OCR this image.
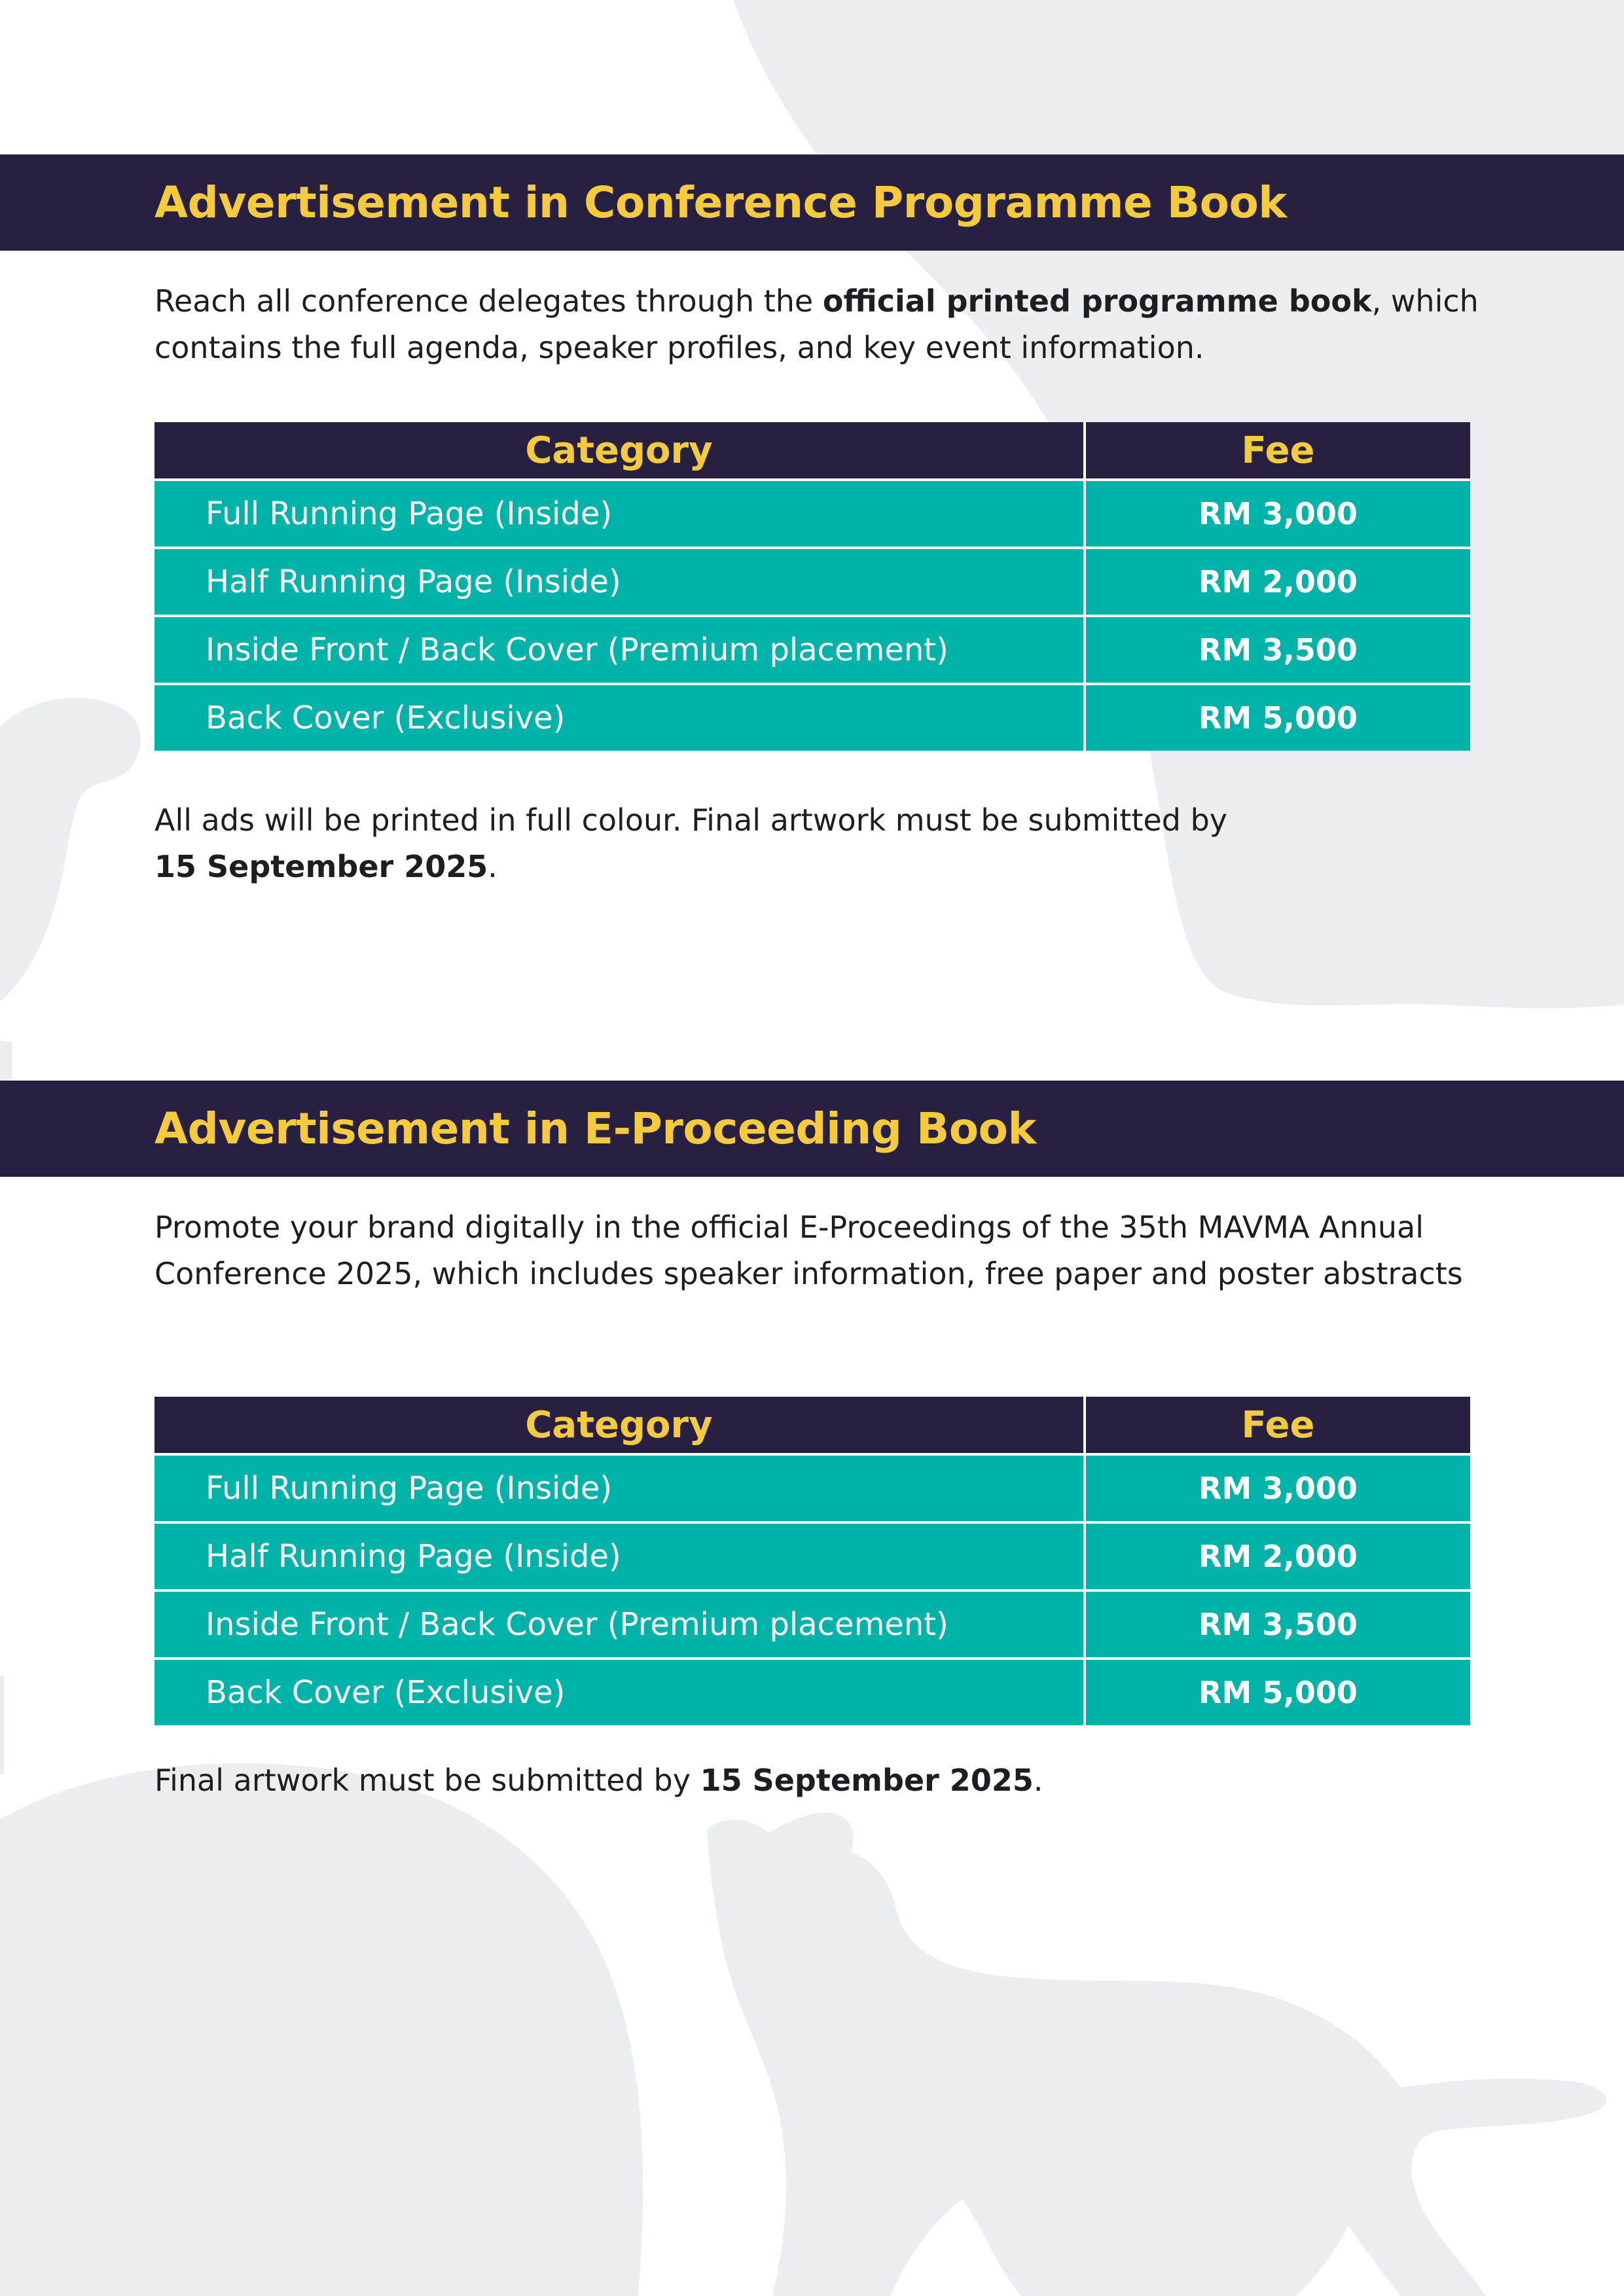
Advertisement in Conference Programme Book

Reach all conference delegates through the official printed programme book, which contains the full agenda, speaker profiles, and key event information.

Category	Fee
Full Running Page (Inside)	RM 3,000
Half Running Page (Inside)	RM 2,000
Inside Front / Back Cover (Premium placement)	RM 3,500
Back Cover (Exclusive)	RM 5,000

All ads will be printed in full colour. Final artwork must be submitted by
15 September 2025.

Advertisement in E-Proceeding Book

Promote your brand digitally in the official E-Proceedings of the 35th MAVMA Annual Conference 2025, which includes speaker information, free paper and poster abstracts

Category	Fee
Full Running Page (Inside)	RM 3,000
Half Running Page (Inside)	RM 2,000
Inside Front / Back Cover (Premium placement)	RM 3,500
Back Cover (Exclusive)	RM 5,000

Final artwork must be submitted by 15 September 2025.
